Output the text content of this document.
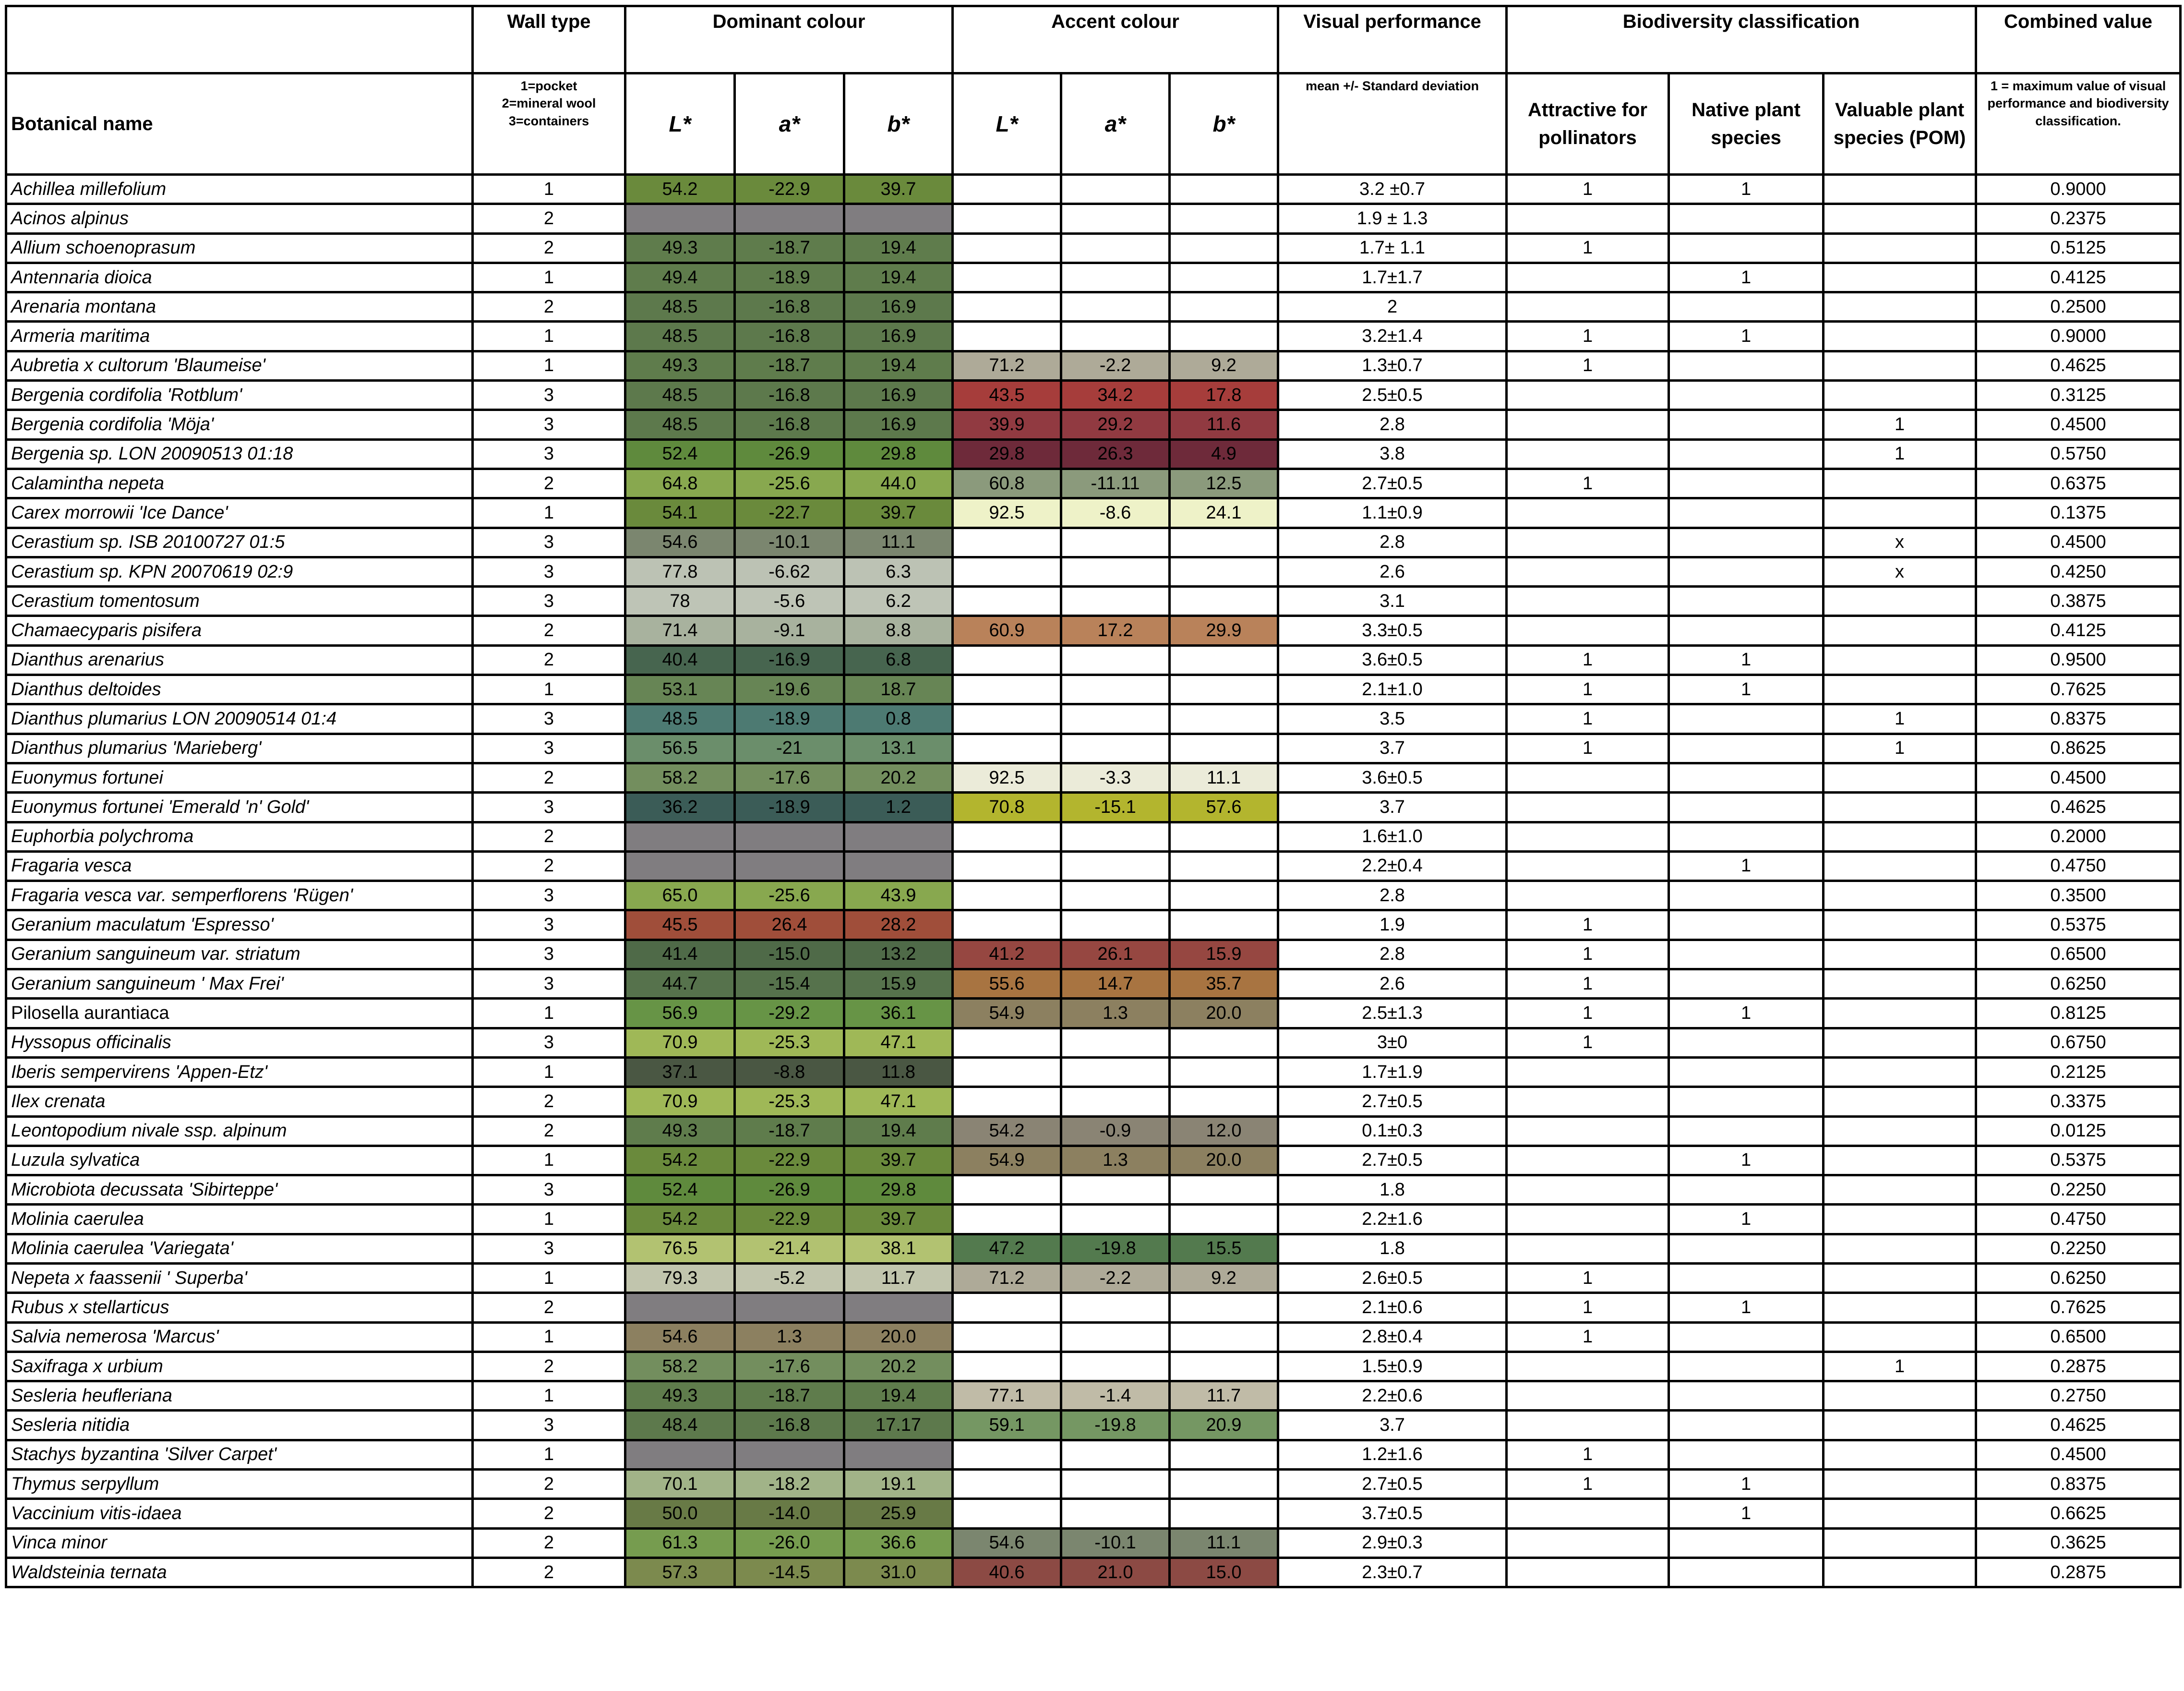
	Wall type	Dominant colour			Accent colour			Visual performance	Biodiversity classification			Combined value
Botanical name	1=pocket
2=mineral wool
3=containers	L*	a*	b*	L*	a*	b*	mean +/- Standard deviation	Attractive for pollinators	Native plant species	Valuable plant species (POM)	1 = maximum value of visual performance and biodiversity classification.
Achillea millefolium	1	54.2	-22.9	39.7				3.2 ±0.7	1	1		0.9000
Acinos alpinus	2							1.9 ± 1.3				0.2375
Allium schoenoprasum	2	49.3	-18.7	19.4				1.7± 1.1	1			0.5125
Antennaria dioica	1	49.4	-18.9	19.4				1.7±1.7		1		0.4125
Arenaria montana	2	48.5	-16.8	16.9				2				0.2500
Armeria maritima	1	48.5	-16.8	16.9				3.2±1.4	1	1		0.9000
Aubretia x cultorum 'Blaumeise'	1	49.3	-18.7	19.4	71.2	-2.2	9.2	1.3±0.7	1			0.4625
Bergenia cordifolia 'Rotblum'	3	48.5	-16.8	16.9	43.5	34.2	17.8	2.5±0.5				0.3125
Bergenia cordifolia 'Möja'	3	48.5	-16.8	16.9	39.9	29.2	11.6	2.8			1	0.4500
Bergenia sp. LON 20090513 01:18	3	52.4	-26.9	29.8	29.8	26.3	4.9	3.8			1	0.5750
Calamintha nepeta	2	64.8	-25.6	44.0	60.8	-11.11	12.5	2.7±0.5	1			0.6375
Carex morrowii 'Ice Dance'	1	54.1	-22.7	39.7	92.5	-8.6	24.1	1.1±0.9				0.1375
Cerastium sp. ISB 20100727 01:5	3	54.6	-10.1	11.1				2.8			x	0.4500
Cerastium sp. KPN 20070619 02:9	3	77.8	-6.62	6.3				2.6			x	0.4250
Cerastium tomentosum	3	78	-5.6	6.2				3.1				0.3875
Chamaecyparis pisifera	2	71.4	-9.1	8.8	60.9	17.2	29.9	3.3±0.5				0.4125
Dianthus arenarius	2	40.4	-16.9	6.8				3.6±0.5	1	1		0.9500
Dianthus deltoides	1	53.1	-19.6	18.7				2.1±1.0	1	1		0.7625
Dianthus plumarius LON 20090514 01:4	3	48.5	-18.9	0.8				3.5	1		1	0.8375
Dianthus plumarius 'Marieberg'	3	56.5	-21	13.1				3.7	1		1	0.8625
Euonymus fortunei	2	58.2	-17.6	20.2	92.5	-3.3	11.1	3.6±0.5				0.4500
Euonymus fortunei 'Emerald 'n' Gold'	3	36.2	-18.9	1.2	70.8	-15.1	57.6	3.7				0.4625
Euphorbia polychroma	2							1.6±1.0				0.2000
Fragaria vesca	2							2.2±0.4		1		0.4750
Fragaria vesca var. semperflorens 'Rügen'	3	65.0	-25.6	43.9				2.8				0.3500
Geranium maculatum 'Espresso'	3	45.5	26.4	28.2				1.9	1			0.5375
Geranium sanguineum var. striatum	3	41.4	-15.0	13.2	41.2	26.1	15.9	2.8	1			0.6500
Geranium sanguineum ' Max Frei'	3	44.7	-15.4	15.9	55.6	14.7	35.7	2.6	1			0.6250
Pilosella aurantiaca	1	56.9	-29.2	36.1	54.9	1.3	20.0	2.5±1.3	1	1		0.8125
Hyssopus officinalis	3	70.9	-25.3	47.1				3±0	1			0.6750
Iberis sempervirens 'Appen-Etz'	1	37.1	-8.8	11.8				1.7±1.9				0.2125
Ilex crenata	2	70.9	-25.3	47.1				2.7±0.5				0.3375
Leontopodium nivale ssp. alpinum	2	49.3	-18.7	19.4	54.2	-0.9	12.0	0.1±0.3				0.0125
Luzula sylvatica	1	54.2	-22.9	39.7	54.9	1.3	20.0	2.7±0.5		1		0.5375
Microbiota decussata 'Sibirteppe'	3	52.4	-26.9	29.8				1.8				0.2250
Molinia caerulea	1	54.2	-22.9	39.7				2.2±1.6		1		0.4750
Molinia caerulea 'Variegata'	3	76.5	-21.4	38.1	47.2	-19.8	15.5	1.8				0.2250
Nepeta x faassenii ' Superba'	1	79.3	-5.2	11.7	71.2	-2.2	9.2	2.6±0.5	1			0.6250
Rubus x stellarticus	2							2.1±0.6	1	1		0.7625
Salvia nemerosa 'Marcus'	1	54.6	1.3	20.0				2.8±0.4	1			0.6500
Saxifraga x urbium	2	58.2	-17.6	20.2				1.5±0.9			1	0.2875
Sesleria heufleriana	1	49.3	-18.7	19.4	77.1	-1.4	11.7	2.2±0.6				0.2750
Sesleria nitidia	3	48.4	-16.8	17.17	59.1	-19.8	20.9	3.7				0.4625
Stachys byzantina 'Silver Carpet'	1							1.2±1.6	1			0.4500
Thymus serpyllum	2	70.1	-18.2	19.1				2.7±0.5	1	1		0.8375
Vaccinium vitis-idaea	2	50.0	-14.0	25.9				3.7±0.5		1		0.6625
Vinca minor	2	61.3	-26.0	36.6	54.6	-10.1	11.1	2.9±0.3				0.3625
Waldsteinia ternata	2	57.3	-14.5	31.0	40.6	21.0	15.0	2.3±0.7				0.2875
